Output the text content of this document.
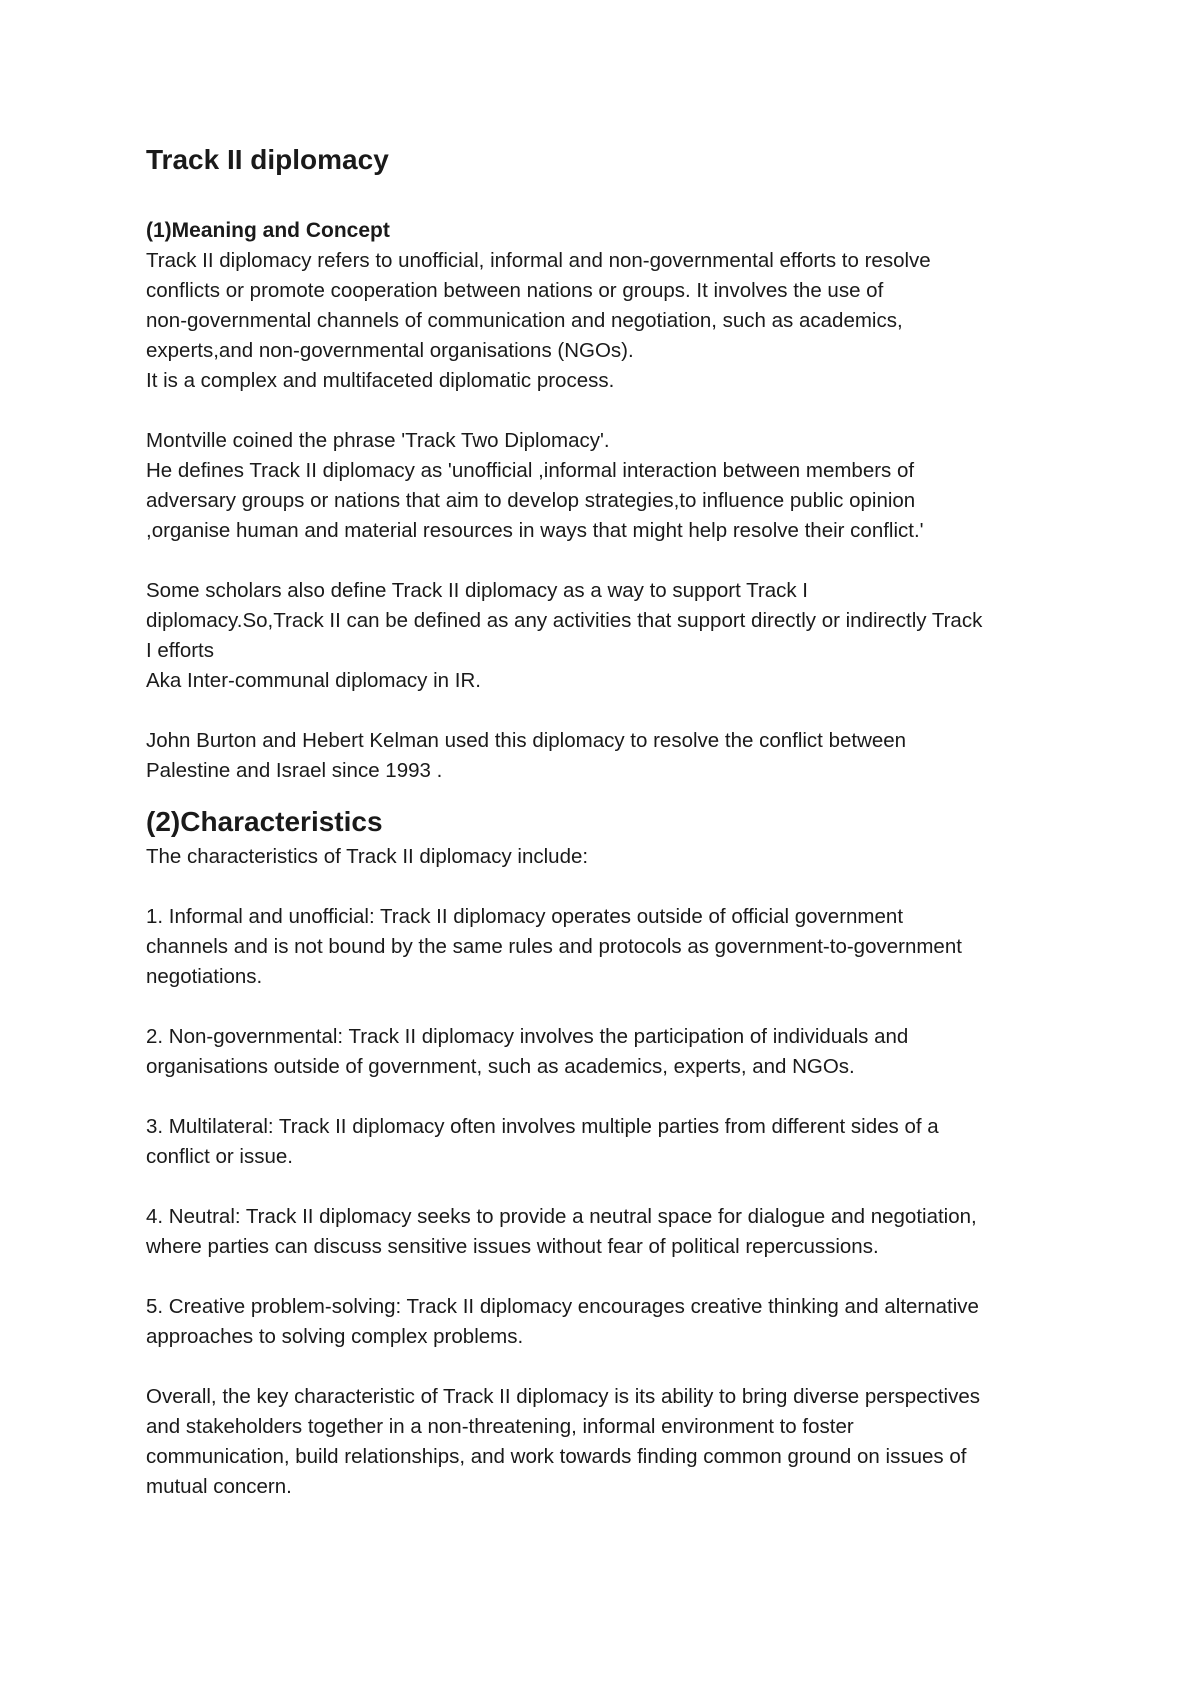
Track II diplomacy
(1)Meaning and Concept

Track II diplomacy refers to unofficial, informal and non-governmental efforts to resolve

conflicts or promote cooperation between nations or groups. It involves the use of

non-governmental channels of communication and negotiation, such as academics,

experts,and non-governmental organisations (NGOs).

It is a complex and multifaceted diplomatic process.

Montville coined the phrase 'Track Two Diplomacy'.

He defines Track II diplomacy as 'unofficial ,informal interaction between members of

adversary groups or nations that aim to develop strategies,to influence public opinion

,organise human and material resources in ways that might help resolve their conflict.'

Some scholars also define Track II diplomacy as a way to support Track I

diplomacy.So,Track II can be defined as any activities that support directly or indirectly Track

I efforts

Aka Inter-communal diplomacy in IR.

John Burton and Hebert Kelman used this diplomacy to resolve the conflict between

Palestine and Israel since 1993 .

(2)Characteristics

The characteristics of Track II diplomacy include:

1. Informal and unofficial: Track II diplomacy operates outside of official government

channels and is not bound by the same rules and protocols as government-to-government

negotiations.

2. Non-governmental: Track II diplomacy involves the participation of individuals and

organisations outside of government, such as academics, experts, and NGOs.

3. Multilateral: Track II diplomacy often involves multiple parties from different sides of a

conflict or issue.

4. Neutral: Track II diplomacy seeks to provide a neutral space for dialogue and negotiation,

where parties can discuss sensitive issues without fear of political repercussions.

5. Creative problem-solving: Track II diplomacy encourages creative thinking and alternative

approaches to solving complex problems.

Overall, the key characteristic of Track II diplomacy is its ability to bring diverse perspectives

and stakeholders together in a non-threatening, informal environment to foster

communication, build relationships, and work towards finding common ground on issues of

mutual concern.
